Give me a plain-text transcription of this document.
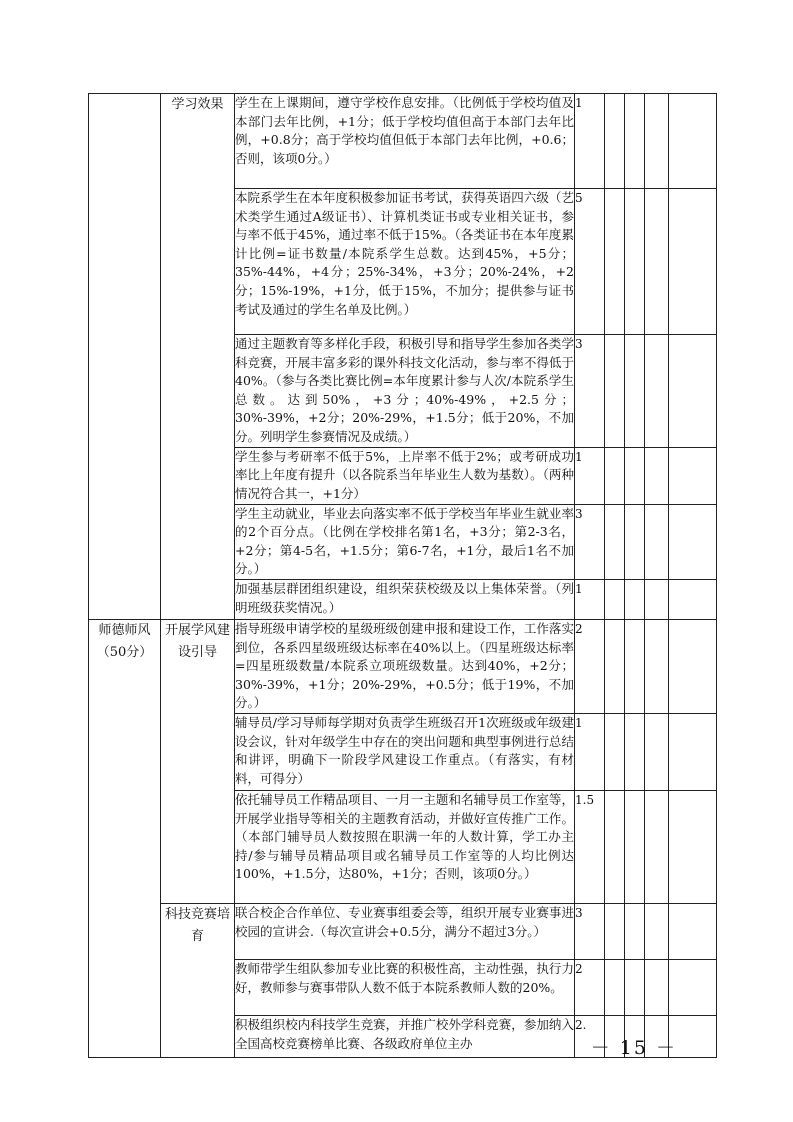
	学习效果	学生在上课期间，遵守学校作息安排。（比例低于学校均值及本部门去年比例，+1分；低于学校均值但高于本部门去年比例，+0.8分；高于学校均值但低于本部门去年比例，+0.6；否则，该项0分。）	1				
		本院系学生在本年度积极参加证书考试，获得英语四六级（艺术类学生通过A级证书）、计算机类证书或专业相关证书，参与率不低于45%，通过率不低于15%。（各类证书在本年度累计比例=证书数量/本院系学生总数。达到45%，+5分；35%-44%，+4分；25%-34%，+3分；20%-24%，+2分；15%-19%，+1分，低于15%，不加分；提供参与证书考试及通过的学生名单及比例。）	5				
		通过主题教育等多样化手段，积极引导和指导学生参加各类学科竞赛，开展丰富多彩的课外科技文化活动，参与率不得低于40%。（参与各类比赛比例=本年度累计参与人次/本院系学生总数。达到50%，+3分；40%-49%，+2.5分；30%-39%，+2分；20%-29%，+1.5分；低于20%，不加分。列明学生参赛情况及成绩。）	3				
		学生参与考研率不低于5%，上岸率不低于2%；或考研成功率比上年度有提升（以各院系当年毕业生人数为基数）。（两种情况符合其一，+1分）	1				
		学生主动就业，毕业去向落实率不低于学校当年毕业生就业率的2个百分点。（比例在学校排名第1名，+3分；第2-3名，+2分；第4-5名，+1.5分；第6-7名，+1分，最后1名不加分。）	3				
		加强基层群团组织建设，组织荣获校级及以上集体荣誉。（列明班级获奖情况。）	1				
师德师风（50分）	开展学风建设引导	指导班级申请学校的星级班级创建申报和建设工作，工作落实到位，各系四星级班级达标率在40%以上。（四星班级达标率=四星班级数量/本院系立项班级数量。达到40%，+2分；30%-39%，+1分；20%-29%，+0.5分；低于19%，不加分。）	2				
		辅导员/学习导师每学期对负责学生班级召开1次班级或年级建设会议，针对年级学生中存在的突出问题和典型事例进行总结和讲评，明确下一阶段学风建设工作重点。（有落实，有材料，可得分）	1				
		依托辅导员工作精品项目、一月一主题和名辅导员工作室等，开展学业指导等相关的主题教育活动，并做好宣传推广工作。（本部门辅导员人数按照在职满一年的人数计算，学工办主持/参与辅导员精品项目或名辅导员工作室等的人均比例达100%，+1.5分，达80%，+1分；否则，该项0分。）	1.5				
	科技竞赛培育	联合校企合作单位、专业赛事组委会等，组织开展专业赛事进校园的宣讲会.（每次宣讲会+0.5分，满分不超过3分。）	3				
		教师带学生组队参加专业比赛的积极性高，主动性强，执行力好，教师参与赛事带队人数不低于本院系教师人数的20%。	2				
		积极组织校内科技学生竞赛，并推广校外学科竞赛，参加纳入全国高校竞赛榜单比赛、各级政府单位主办	2.				
－ 15 －
